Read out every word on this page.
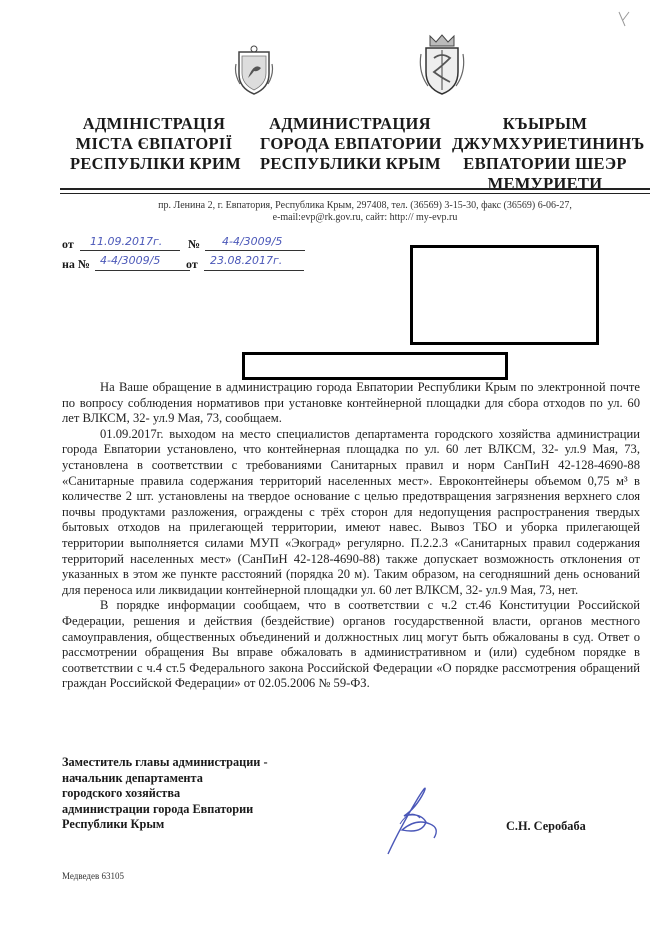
АДМІНІСТРАЦІЯ
МІСТА ЄВПАТОРІЇ
РЕСПУБЛІКИ КРИМ
АДМИНИСТРАЦИЯ
ГОРОДА ЕВПАТОРИИ
РЕСПУБЛИКИ КРЫМ
КЪЫРЫМ
ДЖУМХУРИЕТИНИНЪ
ЕВПАТОРИИ ШЕЭР
МЕМУРИЕТИ
пр. Ленина 2, г. Евпатория, Республика Крым, 297408, тел. (36569) 3-15-30, факс (36569) 6-06-27,
e-mail:evp@rk.gov.ru, сайт: http:// my-evp.ru
от 11.09.2017г. № 4-4/3009/5
на № 4-4/3009/5 от 23.08.2017г.

На Ваше обращение в администрацию города Евпатории Республики Крым по электронной почте по вопросу соблюдения нормативов при установке контейнерной площадки для сбора отходов по ул. 60 лет ВЛКСМ, 32- ул.9 Мая, 73, сообщаем.

01.09.2017г. выходом на место специалистов департамента городского хозяйства администрации города Евпатории установлено, что контейнерная площадка по ул. 60 лет ВЛКСМ, 32- ул.9 Мая, 73, установлена в соответствии с требованиями Санитарных правил и норм СанПиН 42-128-4690-88 «Санитарные правила содержания территорий населенных мест». Евроконтейнеры объемом 0,75 м³ в количестве 2 шт. установлены на твердое основание с целью предотвращения загрязнения верхнего слоя почвы продуктами разложения, ограждены с трёх сторон для недопущения распространения твердых бытовых отходов на прилегающей территории, имеют навес. Вывоз ТБО и уборка прилегающей территории выполняется силами МУП «Экоград» регулярно. П.2.2.3 «Санитарных правил содержания территорий населенных мест» (СанПиН 42-128-4690-88) также допускает возможность отклонения от указанных в этом же пункте расстояний (порядка 20 м). Таким образом, на сегодняшний день оснований для переноса или ликвидации контейнерной площадки ул. 60 лет ВЛКСМ, 32- ул.9 Мая, 73, нет.

В порядке информации сообщаем, что в соответствии с ч.2 ст.46 Конституции Российской Федерации, решения и действия (бездействие) органов государственной власти, органов местного самоуправления, общественных объединений и должностных лиц могут быть обжалованы в суд. Ответ о рассмотрении обращения Вы вправе обжаловать в административном и (или) судебном порядке в соответствии с ч.4 ст.5 Федерального закона Российской Федерации «О порядке рассмотрения обращений граждан Российской Федерации» от 02.05.2006 № 59-ФЗ.

Заместитель главы администрации -
начальник департамента
городского хозяйства
администрации города Евпатории
Республики Крым	С.Н. Серобаба
Медведев 63105
